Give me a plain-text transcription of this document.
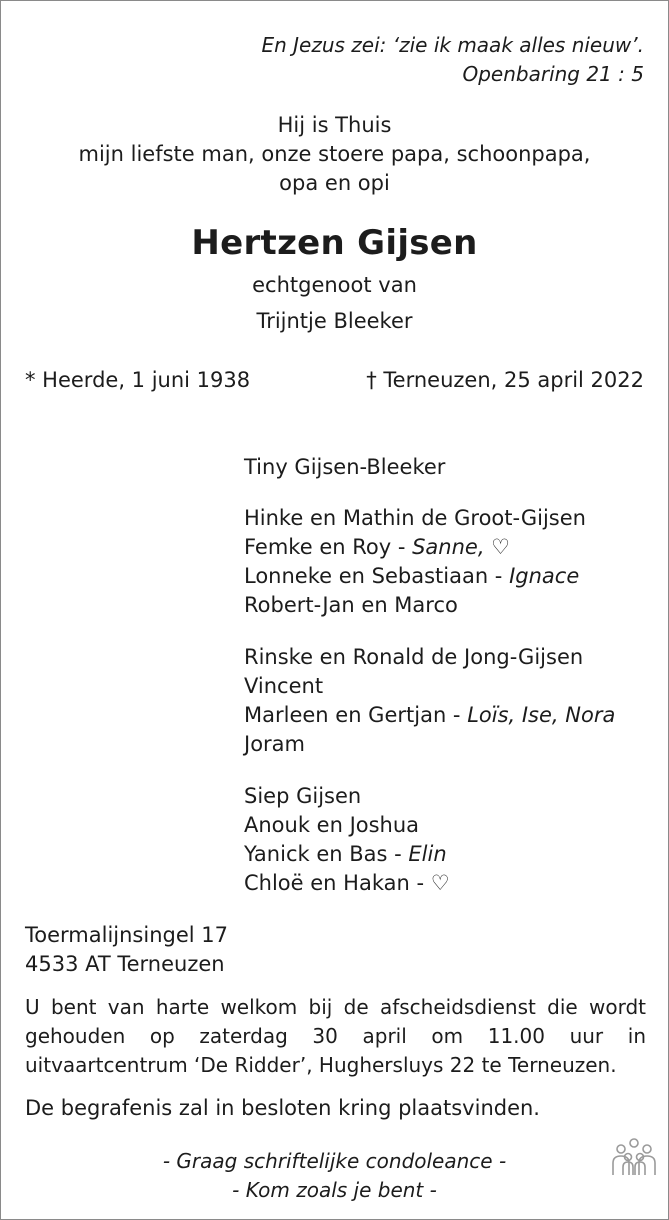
En Jezus zei: ‘zie ik maak alles nieuw’.
Openbaring 21 : 5
Hij is Thuis
mijn liefste man, onze stoere papa, schoonpapa,
opa en opi
Hertzen Gijsen
echtgenoot van
Trijntje Bleeker
* Heerde, 1 juni 1938	† Terneuzen, 25 april 2022
Tiny Gijsen-Bleeker
Hinke en Mathin de Groot-Gijsen
Femke en Roy - Sanne, ♡
Lonneke en Sebastiaan - Ignace
Robert-Jan en Marco
Rinske en Ronald de Jong-Gijsen
Vincent
Marleen en Gertjan - Loïs, Ise, Nora
Joram
Siep Gijsen
Anouk en Joshua
Yanick en Bas - Elin
Chloë en Hakan - ♡
Toermalijnsingel 17
4533 AT Terneuzen
U bent van harte welkom bij de afscheidsdienst die wordt gehouden op zaterdag 30 april om 11.00 uur in uitvaartcentrum ‘De Ridder’, Hughersluys 22 te Terneuzen.
De begrafenis zal in besloten kring plaatsvinden.
- Graag schriftelijke condoleance -
- Kom zoals je bent -
